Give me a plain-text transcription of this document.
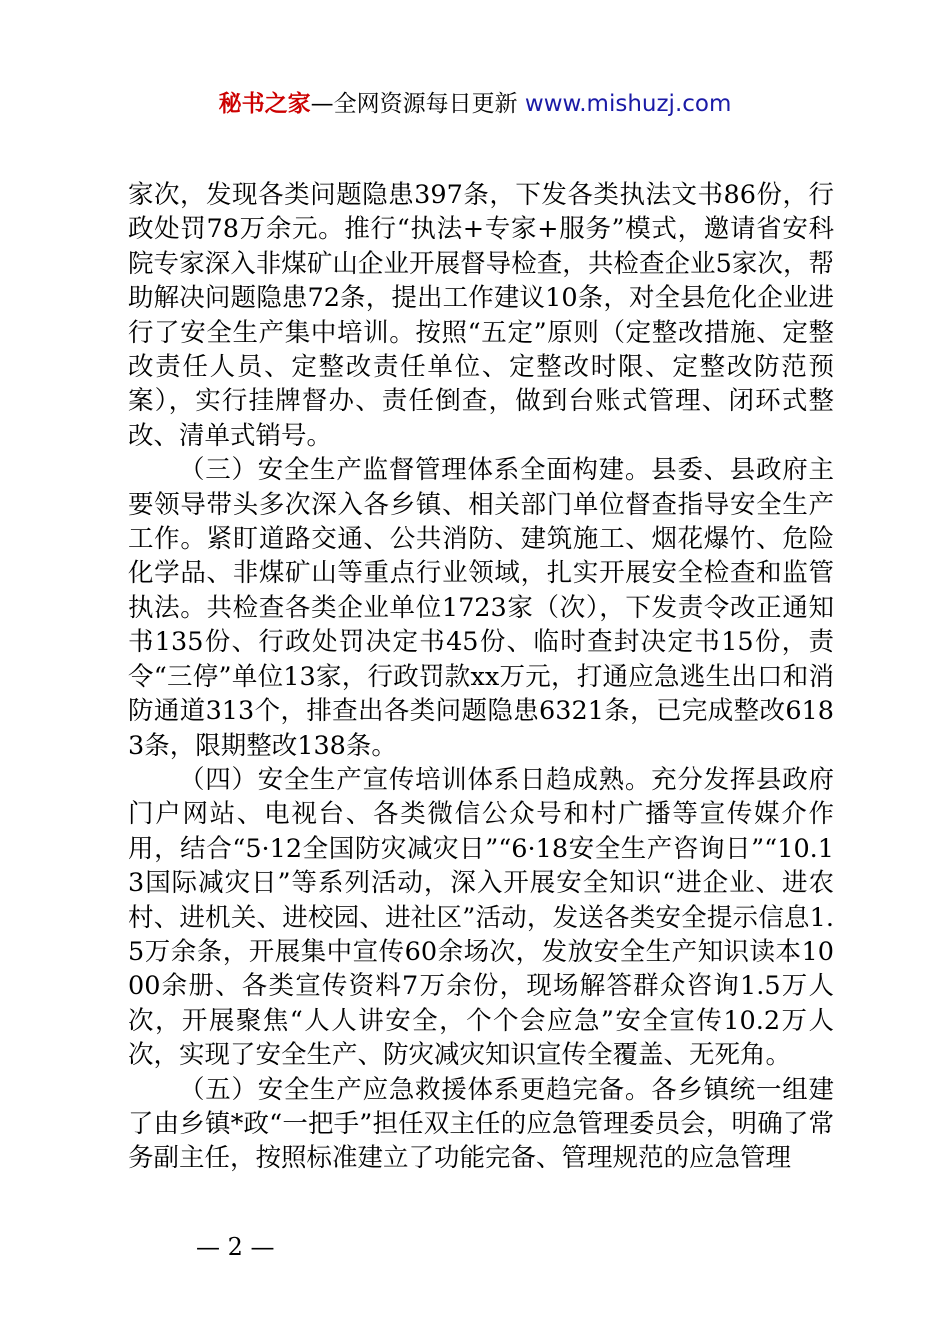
秘书之家—全网资源每日更新 www.mishuzj.com

家次，发现各类问题隐患397条，下发各类执法文书86份，行政处罚78万余元。推行“执法+专家+服务”模式，邀请省安科院专家深入非煤矿山企业开展督导检查，共检查企业5家次，帮助解决问题隐患72条，提出工作建议10条，对全县危化企业进行了安全生产集中培训。按照“五定”原则（定整改措施、定整改责任人员、定整改责任单位、定整改时限、定整改防范预案），实行挂牌督办、责任倒查，做到台账式管理、闭环式整改、清单式销号。

（三）安全生产监督管理体系全面构建。县委、县政府主要领导带头多次深入各乡镇、相关部门单位督查指导安全生产工作。紧盯道路交通、公共消防、建筑施工、烟花爆竹、危险化学品、非煤矿山等重点行业领域，扎实开展安全检查和监管执法。共检查各类企业单位1723家（次），下发责令改正通知书135份、行政处罚决定书45份、临时查封决定书15份，责令“三停”单位13家，行政罚款xx万元，打通应急逃生出口和消防通道313个，排查出各类问题隐患6321条，已完成整改6183条，限期整改138条。

（四）安全生产宣传培训体系日趋成熟。充分发挥县政府门户网站、电视台、各类微信公众号和村广播等宣传媒介作用，结合“5·12全国防灾减灾日”“6·18安全生产咨询日”“10.13国际减灾日”等系列活动，深入开展安全知识“进企业、进农村、进机关、进校园、进社区”活动，发送各类安全提示信息1.5万余条，开展集中宣传60余场次，发放安全生产知识读本1000余册、各类宣传资料7万余份，现场解答群众咨询1.5万人次，开展聚焦“人人讲安全，个个会应急”安全宣传10.2万人次，实现了安全生产、防灾减灾知识宣传全覆盖、无死角。

（五）安全生产应急救援体系更趋完备。各乡镇统一组建了由乡镇*政“一把手”担任双主任的应急管理委员会，明确了常务副主任，按照标准建立了功能完备、管理规范的应急管理

— 2 —
